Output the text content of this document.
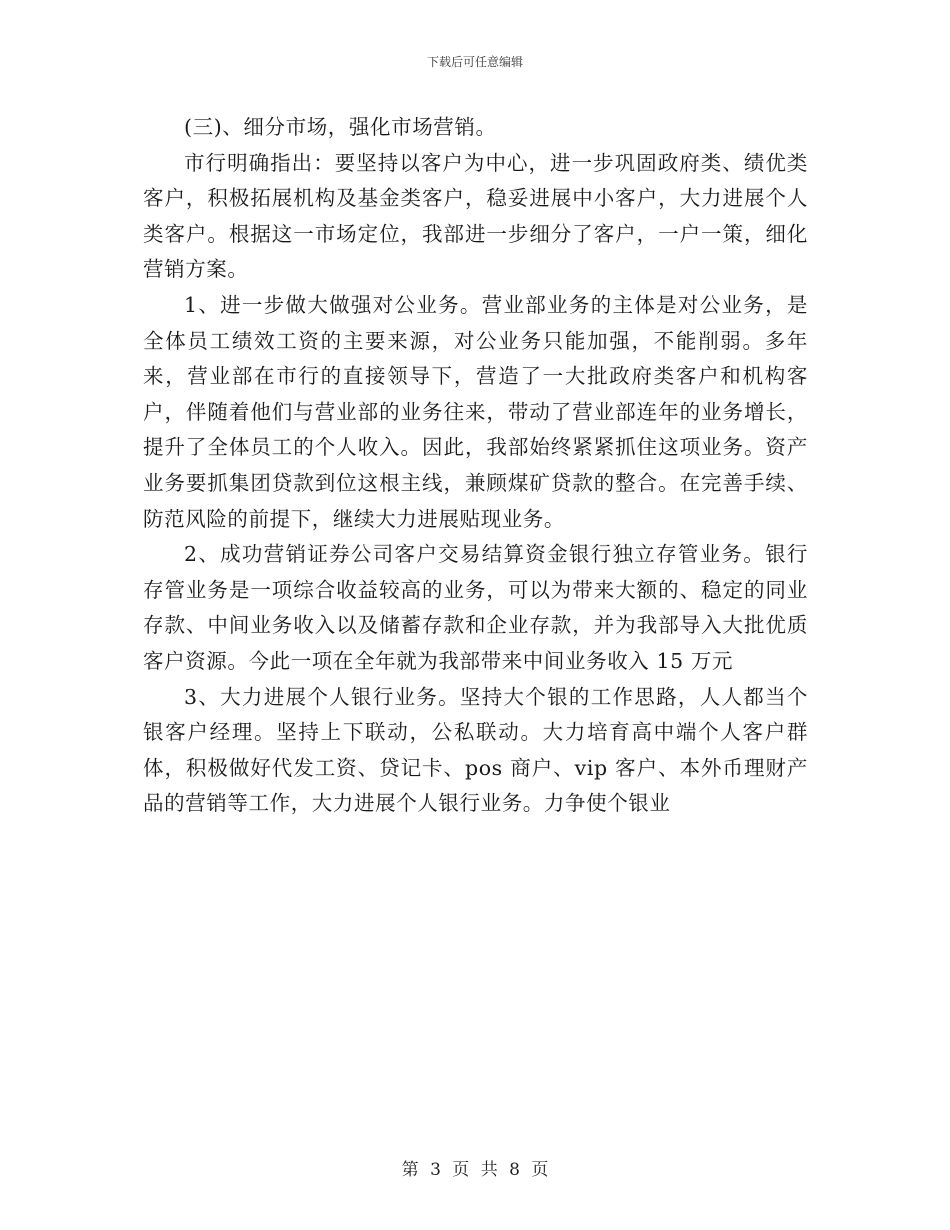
下载后可任意编辑

(三)、细分市场，强化市场营销。

市行明确指出：要坚持以客户为中心，进一步巩固政府类、绩优类客户，积极拓展机构及基金类客户，稳妥进展中小客户，大力进展个人类客户。根据这一市场定位，我部进一步细分了客户，一户一策，细化营销方案。

1、进一步做大做强对公业务。营业部业务的主体是对公业务，是全体员工绩效工资的主要来源，对公业务只能加强，不能削弱。多年来，营业部在市行的直接领导下，营造了一大批政府类客户和机构客户，伴随着他们与营业部的业务往来，带动了营业部连年的业务增长，提升了全体员工的个人收入。因此，我部始终紧紧抓住这项业务。资产业务要抓集团贷款到位这根主线，兼顾煤矿贷款的整合。在完善手续、防范风险的前提下，继续大力进展贴现业务。

2、成功营销证券公司客户交易结算资金银行独立存管业务。银行存管业务是一项综合收益较高的业务，可以为带来大额的、稳定的同业存款、中间业务收入以及储蓄存款和企业存款，并为我部导入大批优质客户资源。今此一项在全年就为我部带来中间业务收入 15 万元

3、大力进展个人银行业务。坚持大个银的工作思路，人人都当个银客户经理。坚持上下联动，公私联动。大力培育高中端个人客户群体，积极做好代发工资、贷记卡、pos 商户、vip 客户、本外币理财产品的营销等工作，大力进展个人银行业务。力争使个银业

第 3 页 共 8 页
